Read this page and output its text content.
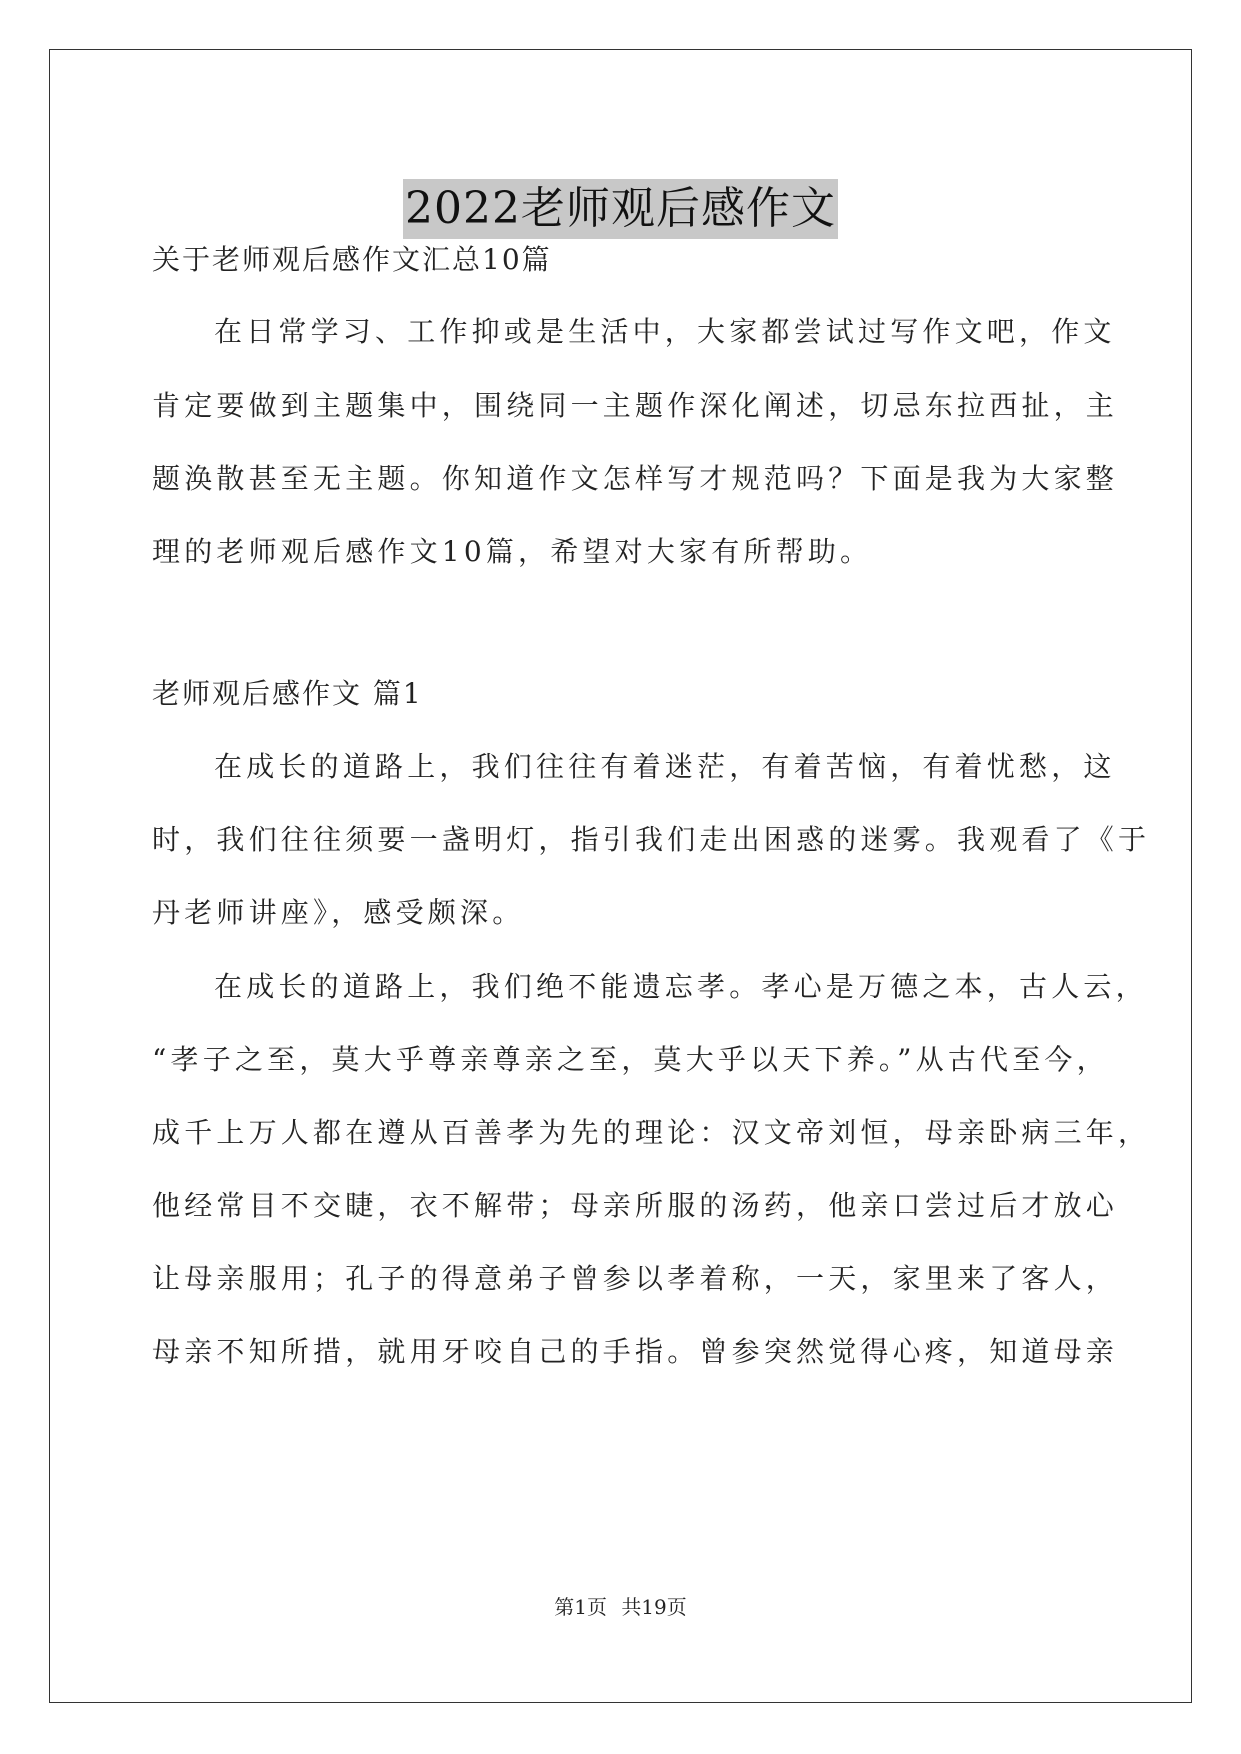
2022老师观后感作文
关于老师观后感作文汇总10篇
在日常学习、工作抑或是生活中，大家都尝试过写作文吧，作文
肯定要做到主题集中，围绕同一主题作深化阐述，切忌东拉西扯，主
题涣散甚至无主题。你知道作文怎样写才规范吗？下面是我为大家整
理的老师观后感作文10篇，希望对大家有所帮助。
老师观后感作文 篇1
在成长的道路上，我们往往有着迷茫，有着苦恼，有着忧愁，这
时，我们往往须要一盏明灯，指引我们走出困惑的迷雾。我观看了《于
丹老师讲座》，感受颇深。
在成长的道路上，我们绝不能遗忘孝。孝心是万德之本，古人云，
“孝子之至，莫大乎尊亲尊亲之至，莫大乎以天下养。”从古代至今，
成千上万人都在遵从百善孝为先的理论：汉文帝刘恒，母亲卧病三年，
他经常目不交睫，衣不解带；母亲所服的汤药，他亲口尝过后才放心
让母亲服用；孔子的得意弟子曾参以孝着称，一天，家里来了客人，
母亲不知所措，就用牙咬自己的手指。曾参突然觉得心疼，知道母亲
第1页 共19页
